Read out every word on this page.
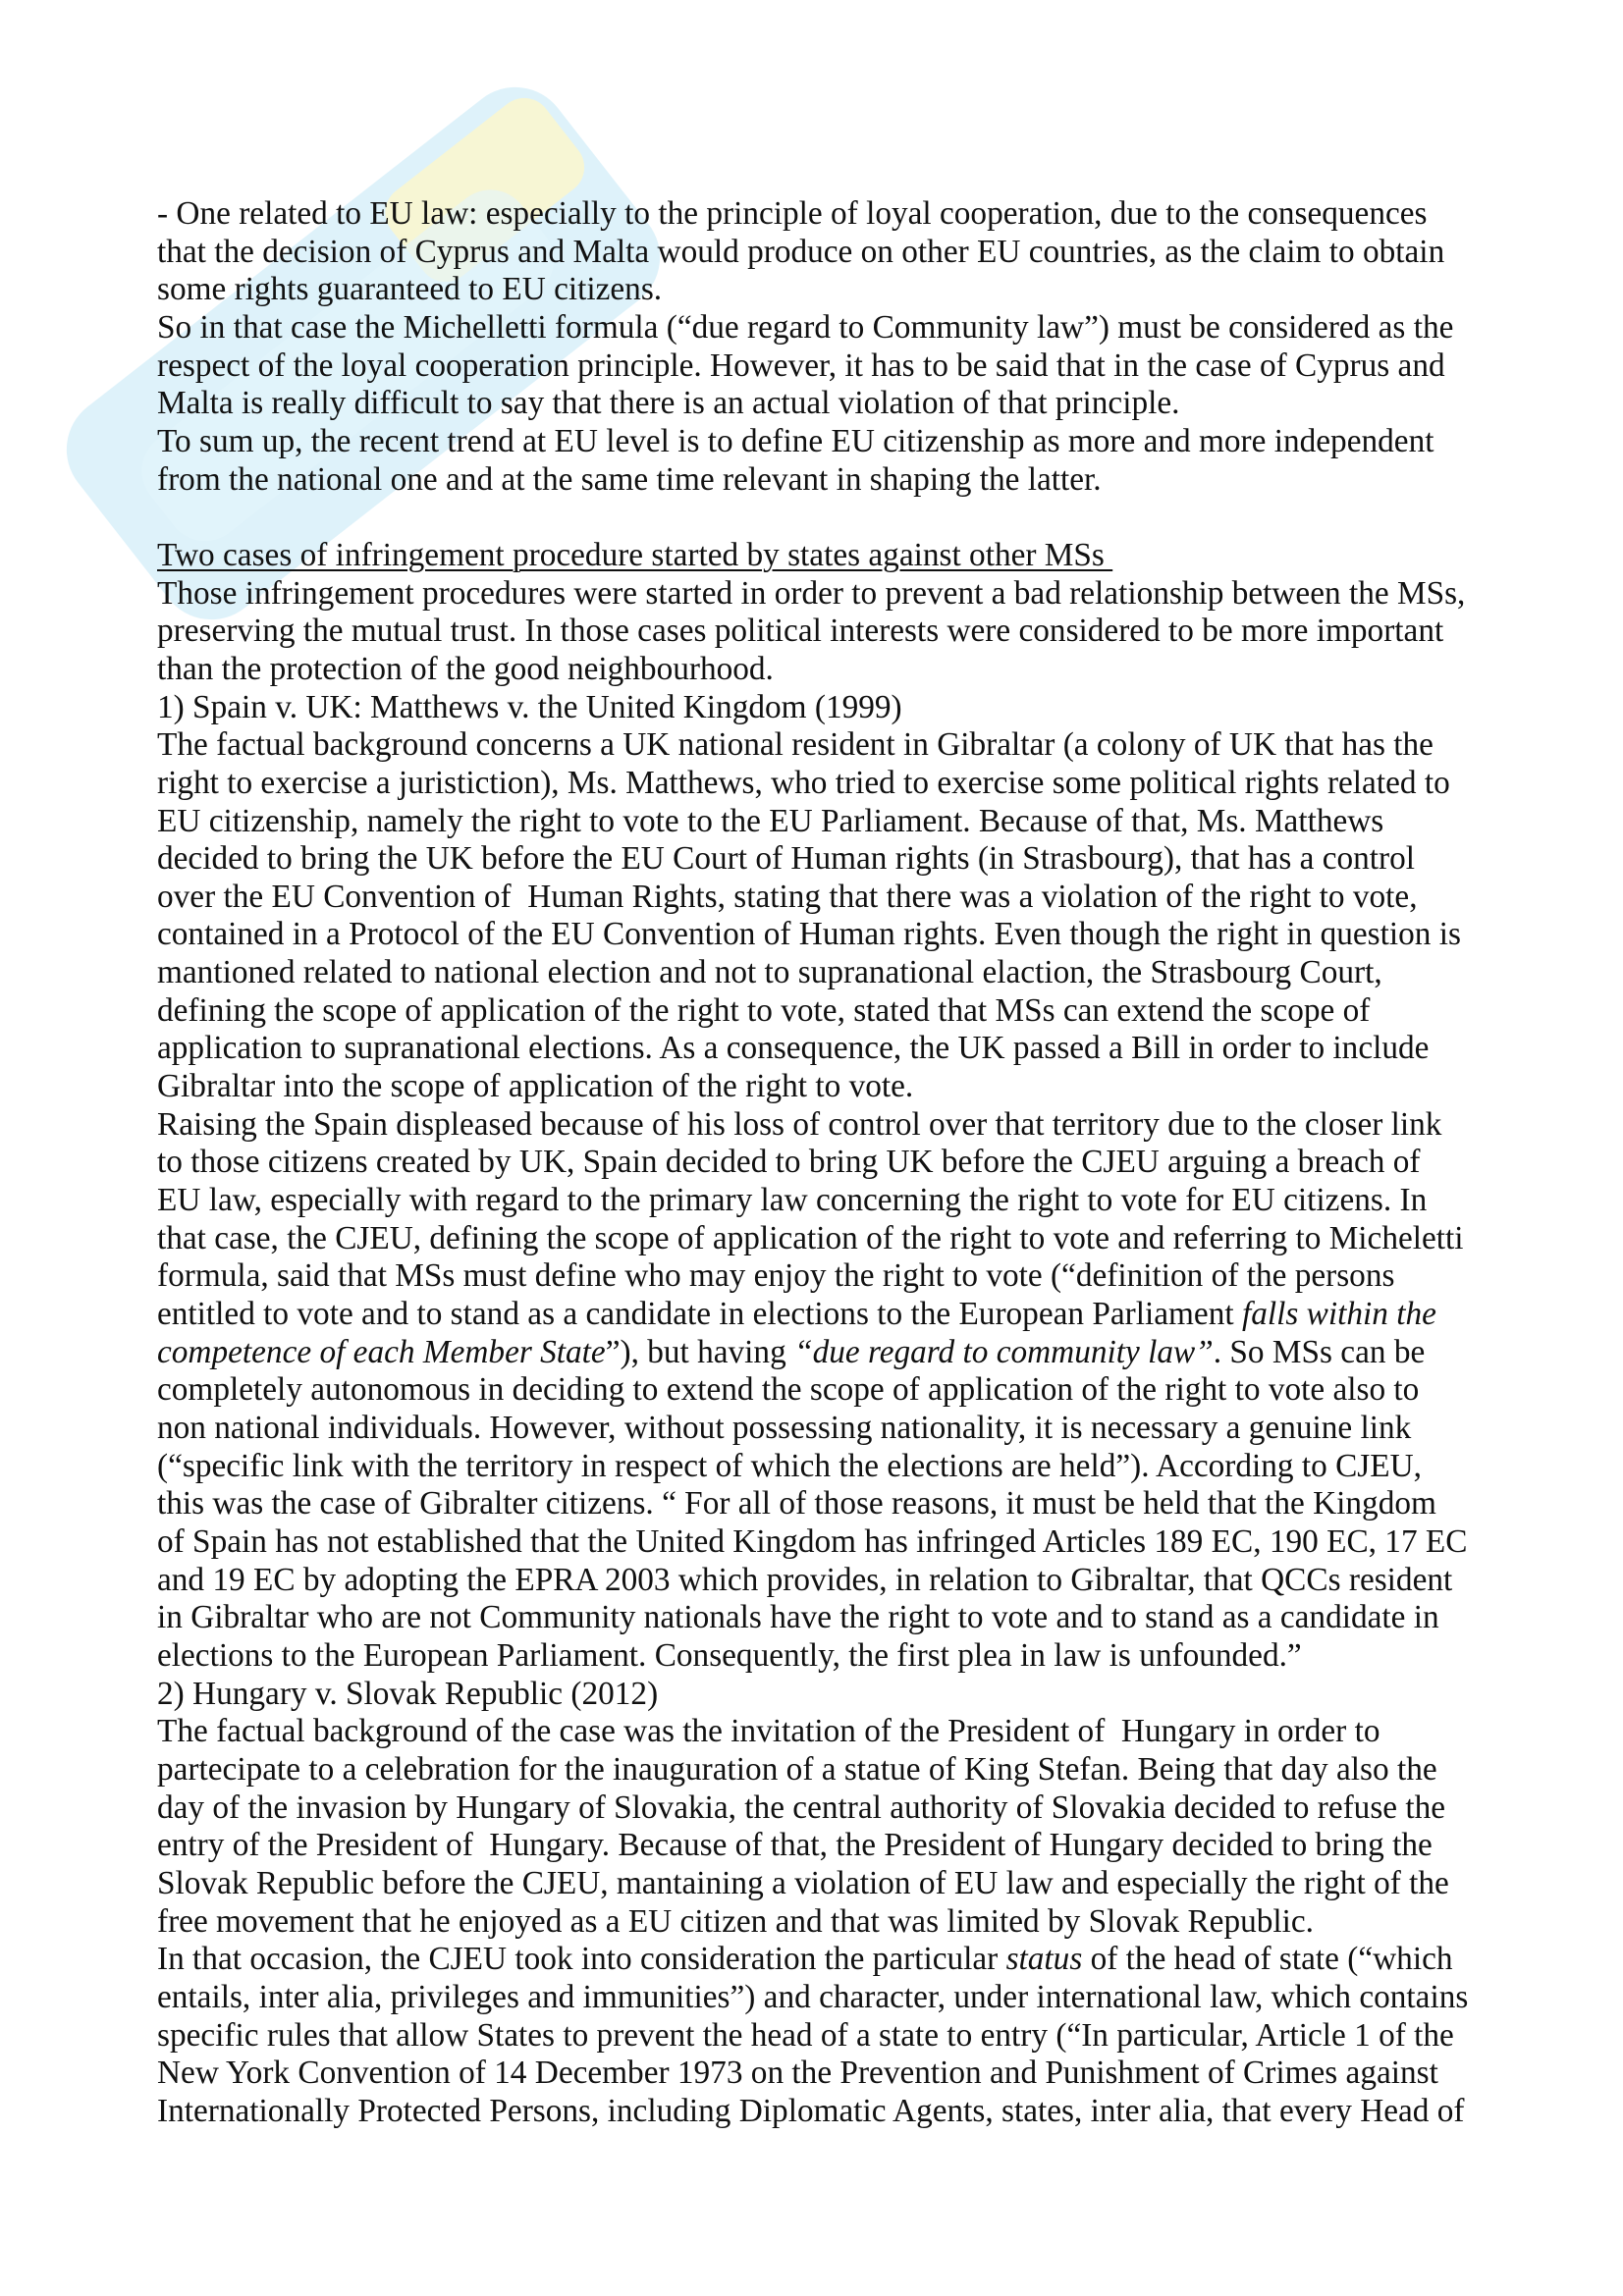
- One related to EU law: especially to the principle of loyal cooperation, due to the consequences
that the decision of Cyprus and Malta would produce on other EU countries, as the claim to obtain
some rights guaranteed to EU citizens.
So in that case the Michelletti formula (“due regard to Community law”) must be considered as the
respect of the loyal cooperation principle. However, it has to be said that in the case of Cyprus and
Malta is really difficult to say that there is an actual violation of that principle.
To sum up, the recent trend at EU level is to define EU citizenship as more and more independent
from the national one and at the same time relevant in shaping the latter.
Two cases of infringement procedure started by states against other MSs
Those infringement procedures were started in order to prevent a bad relationship between the MSs,
preserving the mutual trust. In those cases political interests were considered to be more important
than the protection of the good neighbourhood.
1) Spain v. UK: Matthews v. the United Kingdom (1999)
The factual background concerns a UK national resident in Gibraltar (a colony of UK that has the
right to exercise a juristiction), Ms. Matthews, who tried to exercise some political rights related to
EU citizenship, namely the right to vote to the EU Parliament. Because of that, Ms. Matthews
decided to bring the UK before the EU Court of Human rights (in Strasbourg), that has a control
over the EU Convention of  Human Rights, stating that there was a violation of the right to vote,
contained in a Protocol of the EU Convention of Human rights. Even though the right in question is
mantioned related to national election and not to supranational elaction, the Strasbourg Court,
defining the scope of application of the right to vote, stated that MSs can extend the scope of
application to supranational elections. As a consequence, the UK passed a Bill in order to include
Gibraltar into the scope of application of the right to vote.
Raising the Spain displeased because of his loss of control over that territory due to the closer link
to those citizens created by UK, Spain decided to bring UK before the CJEU arguing a breach of
EU law, especially with regard to the primary law concerning the right to vote for EU citizens. In
that case, the CJEU, defining the scope of application of the right to vote and referring to Micheletti
formula, said that MSs must define who may enjoy the right to vote (“definition of the persons
entitled to vote and to stand as a candidate in elections to the European Parliament falls within the
competence of each Member State”), but having “due regard to community law”. So MSs can be
completely autonomous in deciding to extend the scope of application of the right to vote also to
non national individuals. However, without possessing nationality, it is necessary a genuine link
(“specific link with the territory in respect of which the elections are held”). According to CJEU,
this was the case of Gibralter citizens. “ For all of those reasons, it must be held that the Kingdom
of Spain has not established that the United Kingdom has infringed Articles 189 EC, 190 EC, 17 EC
and 19 EC by adopting the EPRA 2003 which provides, in relation to Gibraltar, that QCCs resident
in Gibraltar who are not Community nationals have the right to vote and to stand as a candidate in
elections to the European Parliament. Consequently, the first plea in law is unfounded.”
2) Hungary v. Slovak Republic (2012)
The factual background of the case was the invitation of the President of  Hungary in order to
partecipate to a celebration for the inauguration of a statue of King Stefan. Being that day also the
day of the invasion by Hungary of Slovakia, the central authority of Slovakia decided to refuse the
entry of the President of  Hungary. Because of that, the President of Hungary decided to bring the
Slovak Republic before the CJEU, mantaining a violation of EU law and especially the right of the
free movement that he enjoyed as a EU citizen and that was limited by Slovak Republic.
In that occasion, the CJEU took into consideration the particular status of the head of state (“which
entails, inter alia, privileges and immunities”) and character, under international law, which contains
specific rules that allow States to prevent the head of a state to entry (“In particular, Article 1 of the
New York Convention of 14 December 1973 on the Prevention and Punishment of Crimes against
Internationally Protected Persons, including Diplomatic Agents, states, inter alia, that every Head of
